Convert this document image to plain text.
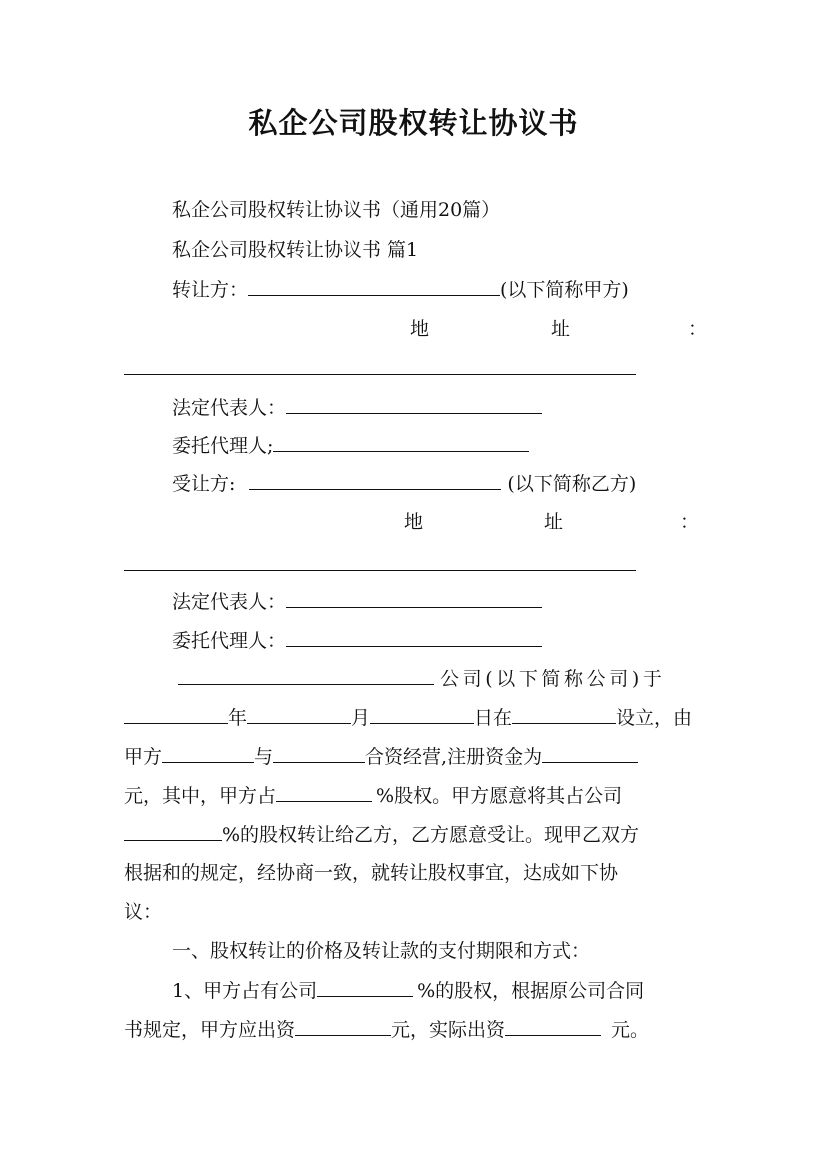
私企公司股权转让协议书
私企公司股权转让协议书（通用20篇）
私企公司股权转让协议书 篇1
转让方：	(以下简称甲方)
地	址	：
法定代表人：
委托代理人;
受让方:	(以下简称乙方)
地	址	：
法定代表人：
委托代理人：
公司(以下简称公司)于
年	月	日在	设立，由
甲方	与	合资经营,注册资金为
元，其中，甲方占	%股权。甲方愿意将其占公司
%的股权转让给乙方，乙方愿意受让。现甲乙双方
根据和的规定，经协商一致，就转让股权事宜，达成如下协
议：
一、股权转让的价格及转让款的支付期限和方式：
1、甲方占有公司	%的股权，根据原公司合同
书规定，甲方应出资	元，实际出资	元。
